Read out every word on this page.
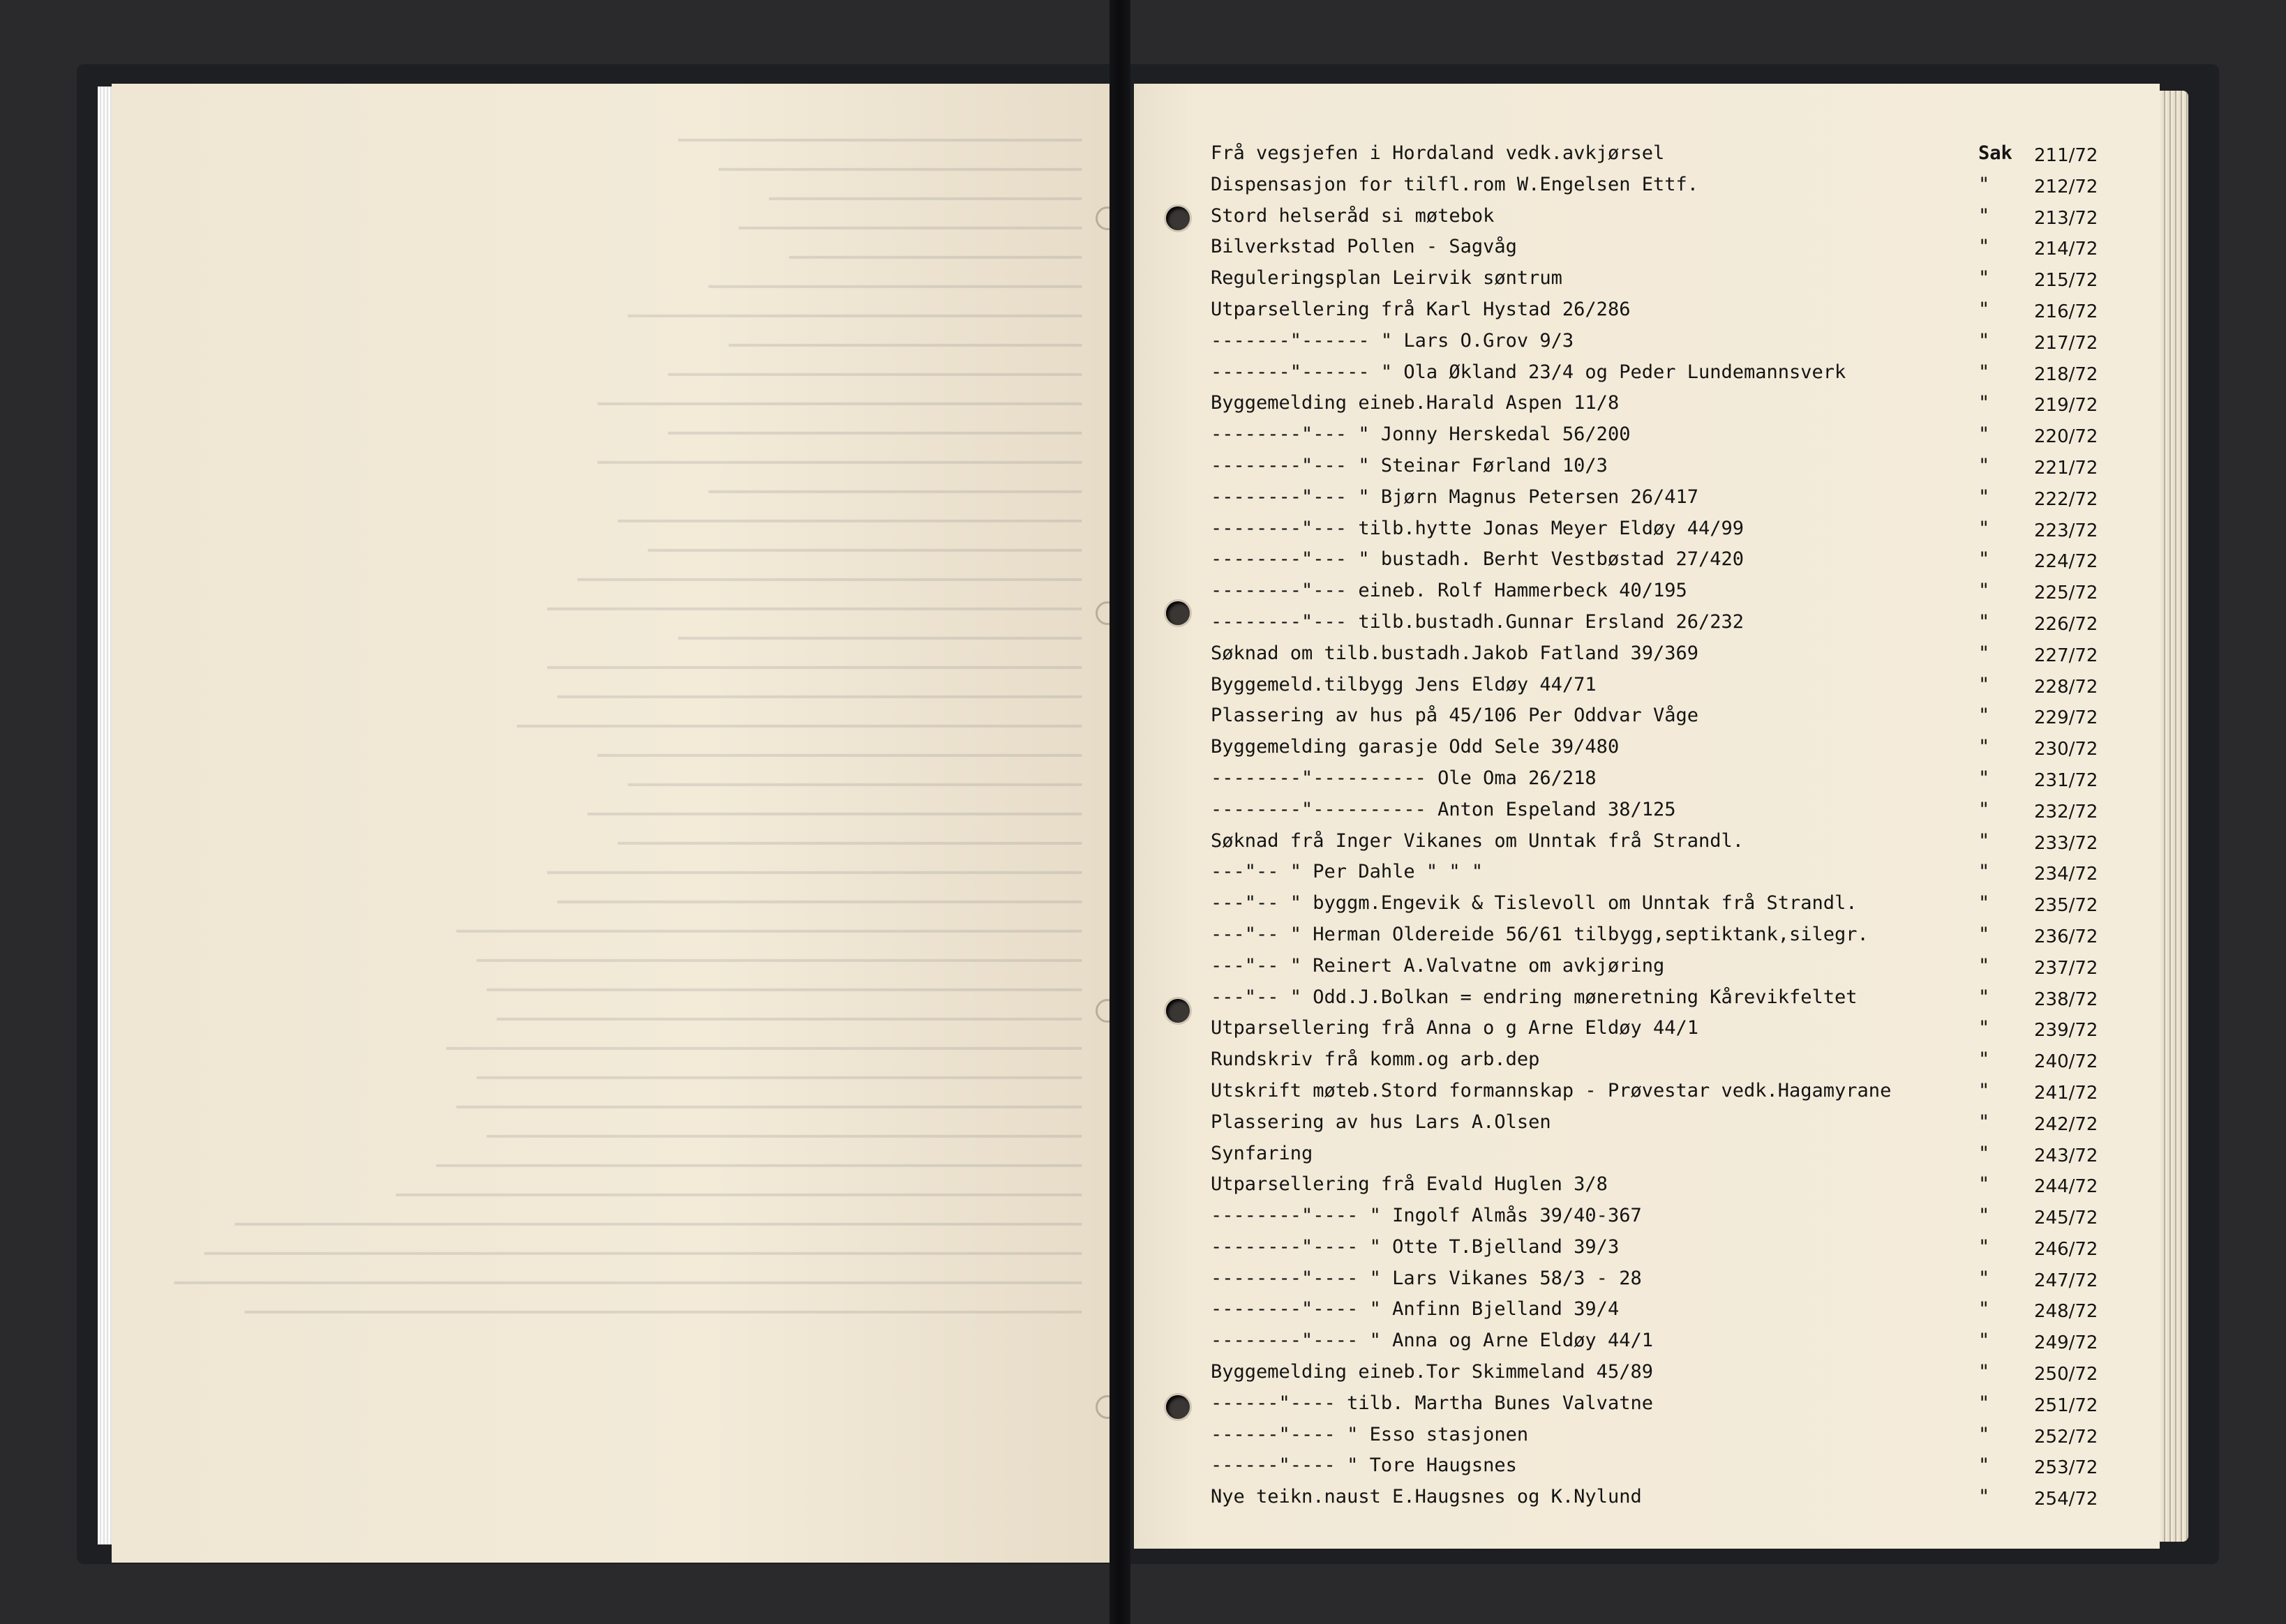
━━━━━━━━━━━━━━━━━━━━━━━━━━━━━━━━━━━━━━━━
━━━━━━━━━━━━━━━━━━━━━━━━━━━━━━━━━━━━
━━━━━━━━━━━━━━━━━━━━━━━━━━━━━━━
━━━━━━━━━━━━━━━━━━━━━━━━━━━━━━━━━━
━━━━━━━━━━━━━━━━━━━━━━━━━━━━━
━━━━━━━━━━━━━━━━━━━━━━━━━━━━━━━━━━━━━
━━━━━━━━━━━━━━━━━━━━━━━━━━━━━━━━━━━━━━━━━━━━━
━━━━━━━━━━━━━━━━━━━━━━━━━━━━━━━━━━━
━━━━━━━━━━━━━━━━━━━━━━━━━━━━━━━━━━━━━━━━━
━━━━━━━━━━━━━━━━━━━━━━━━━━━━━━━━━━━━━━━━━━━━━━━━
━━━━━━━━━━━━━━━━━━━━━━━━━━━━━━━━━━━━━━━━━
━━━━━━━━━━━━━━━━━━━━━━━━━━━━━━━━━━━━━━━━━━━━━━━━
━━━━━━━━━━━━━━━━━━━━━━━━━━━━━━━━━━━━━
━━━━━━━━━━━━━━━━━━━━━━━━━━━━━━━━━━━━━━━━━━━━━━
━━━━━━━━━━━━━━━━━━━━━━━━━━━━━━━━━━━━━━━━━━━
━━━━━━━━━━━━━━━━━━━━━━━━━━━━━━━━━━━━━━━━━━━━━━━━━━
━━━━━━━━━━━━━━━━━━━━━━━━━━━━━━━━━━━━━━━━━━━━━━━━━━━━━
━━━━━━━━━━━━━━━━━━━━━━━━━━━━━━━━━━━━━━━━
━━━━━━━━━━━━━━━━━━━━━━━━━━━━━━━━━━━━━━━━━━━━━━━━━━━━━
━━━━━━━━━━━━━━━━━━━━━━━━━━━━━━━━━━━━━━━━━━━━━━━━━━━━
━━━━━━━━━━━━━━━━━━━━━━━━━━━━━━━━━━━━━━━━━━━━━━━━━━━━━━━━
━━━━━━━━━━━━━━━━━━━━━━━━━━━━━━━━━━━━━━━━━━━━━━━━
━━━━━━━━━━━━━━━━━━━━━━━━━━━━━━━━━━━━━━━━━━━━━
━━━━━━━━━━━━━━━━━━━━━━━━━━━━━━━━━━━━━━━━━━━━━━━━━
━━━━━━━━━━━━━━━━━━━━━━━━━━━━━━━━━━━━━━━━━━━━━━
━━━━━━━━━━━━━━━━━━━━━━━━━━━━━━━━━━━━━━━━━━━━━━━━━━━━━
━━━━━━━━━━━━━━━━━━━━━━━━━━━━━━━━━━━━━━━━━━━━━━━━━━━━
━━━━━━━━━━━━━━━━━━━━━━━━━━━━━━━━━━━━━━━━━━━━━━━━━━━━━━━━━━━━━━
━━━━━━━━━━━━━━━━━━━━━━━━━━━━━━━━━━━━━━━━━━━━━━━━━━━━━━━━━━━━
━━━━━━━━━━━━━━━━━━━━━━━━━━━━━━━━━━━━━━━━━━━━━━━━━━━━━━━━━━━
━━━━━━━━━━━━━━━━━━━━━━━━━━━━━━━━━━━━━━━━━━━━━━━━━━━━━━━━━━
━━━━━━━━━━━━━━━━━━━━━━━━━━━━━━━━━━━━━━━━━━━━━━━━━━━━━━━━━━━━━━━
━━━━━━━━━━━━━━━━━━━━━━━━━━━━━━━━━━━━━━━━━━━━━━━━━━━━━━━━━━━━
━━━━━━━━━━━━━━━━━━━━━━━━━━━━━━━━━━━━━━━━━━━━━━━━━━━━━━━━━━━━━━
━━━━━━━━━━━━━━━━━━━━━━━━━━━━━━━━━━━━━━━━━━━━━━━━━━━━━━━━━━━
━━━━━━━━━━━━━━━━━━━━━━━━━━━━━━━━━━━━━━━━━━━━━━━━━━━━━━━━━━━━━━━━
━━━━━━━━━━━━━━━━━━━━━━━━━━━━━━━━━━━━━━━━━━━━━━━━━━━━━━━━━━━━━━━━━━━━
━━━━━━━━━━━━━━━━━━━━━━━━━━━━━━━━━━━━━━━━━━━━━━━━━━━━━━━━━━━━━━━━━━━━━━━━━━━━━━━━━━━━
━━━━━━━━━━━━━━━━━━━━━━━━━━━━━━━━━━━━━━━━━━━━━━━━━━━━━━━━━━━━━━━━━━━━━━━━━━━━━━━━━━━━━━━
━━━━━━━━━━━━━━━━━━━━━━━━━━━━━━━━━━━━━━━━━━━━━━━━━━━━━━━━━━━━━━━━━━━━━━━━━━━━━━━━━━━━━━━━━━
━━━━━━━━━━━━━━━━━━━━━━━━━━━━━━━━━━━━━━━━━━━━━━━━━━━━━━━━━━━━━━━━━━━━━━━━━━━━━━━━━━━
Frå vegsjefen i Hordaland vedk.avkjørsel	Sak 211/72
Dispensasjon for tilfl.rom W.Engelsen Ettf.	" 212/72
Stord helseråd si møtebok	" 213/72
Bilverkstad Pollen - Sagvåg	" 214/72
Reguleringsplan Leirvik søntrum	" 215/72
Utparsellering frå Karl Hystad 26/286	" 216/72
-------"------ " Lars O.Grov 9/3	" 217/72
-------"------ " Ola Økland 23/4 og Peder Lundemannsverk	" 218/72
Byggemelding eineb.Harald Aspen 11/8	" 219/72
--------"--- " Jonny Herskedal 56/200	" 220/72
--------"--- " Steinar Førland 10/3	" 221/72
--------"--- " Bjørn Magnus Petersen 26/417	" 222/72
--------"--- tilb.hytte Jonas Meyer Eldøy 44/99	" 223/72
--------"--- " bustadh. Berht Vestbøstad 27/420	" 224/72
--------"--- eineb. Rolf Hammerbeck 40/195	" 225/72
--------"--- tilb.bustadh.Gunnar Ersland 26/232	" 226/72
Søknad om tilb.bustadh.Jakob Fatland 39/369	" 227/72
Byggemeld.tilbygg Jens Eldøy 44/71	" 228/72
Plassering av hus på 45/106 Per Oddvar Våge	" 229/72
Byggemelding garasje Odd Sele 39/480	" 230/72
--------"---------- Ole Oma 26/218	" 231/72
--------"---------- Anton Espeland 38/125	" 232/72
Søknad frå Inger Vikanes om Unntak frå Strandl.	" 233/72
---"-- " Per Dahle " " "	" 234/72
---"-- " byggm.Engevik & Tislevoll om Unntak frå Strandl.	" 235/72
---"-- " Herman Oldereide 56/61 tilbygg,septiktank,silegr.	" 236/72
---"-- " Reinert A.Valvatne om avkjøring	" 237/72
---"-- " Odd.J.Bolkan = endring møneretning Kårevikfeltet	" 238/72
Utparsellering frå Anna o g Arne Eldøy 44/1	" 239/72
Rundskriv frå komm.og arb.dep	" 240/72
Utskrift møteb.Stord formannskap - Prøvestar vedk.Hagamyrane	" 241/72
Plassering av hus Lars A.Olsen	" 242/72
Synfaring	" 243/72
Utparsellering frå Evald Huglen 3/8	" 244/72
--------"---- " Ingolf Almås 39/40-367	" 245/72
--------"---- " Otte T.Bjelland 39/3	" 246/72
--------"---- " Lars Vikanes 58/3 - 28	" 247/72
--------"---- " Anfinn Bjelland 39/4	" 248/72
--------"---- " Anna og Arne Eldøy 44/1	" 249/72
Byggemelding eineb.Tor Skimmeland 45/89	" 250/72
------"---- tilb. Martha Bunes Valvatne	" 251/72
------"---- " Esso stasjonen	" 252/72
------"---- " Tore Haugsnes	" 253/72
Nye teikn.naust E.Haugsnes og K.Nylund	" 254/72
